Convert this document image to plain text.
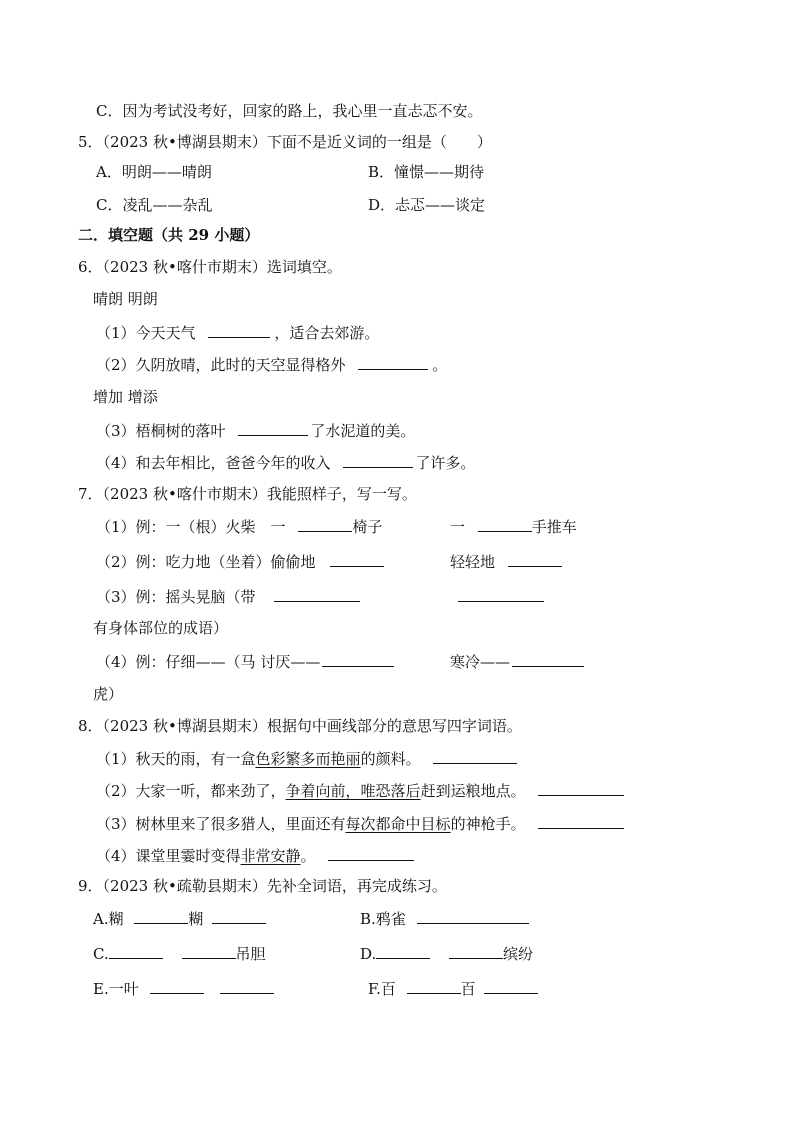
C．因为考试没考好，回家的路上，我心里一直忐忑不安。
5．（2023 秋•博湖县期末）下面不是近义词的一组是（　　）
A．明朗——晴朗	B．憧憬——期待
C．凌乱——杂乱	D．忐忑——谈定
二．填空题（共 29 小题）
6．（2023 秋•喀什市期末）选词填空。
晴朗 明朗
（1）今天天气	，适合去郊游。
（2）久阴放晴，此时的天空显得格外	。
增加 增添
（3）梧桐树的落叶	了水泥道的美。
（4）和去年相比，爸爸今年的收入	了许多。
7．（2023 秋•喀什市期末）我能照样子，写一写。
（1）例：一（根）火柴　一	椅子	一	手推车
（2）例：吃力地（坐着）偷偷地	轻轻地
（3）例：摇头晃脑（带
有身体部位的成语）
（4）例：仔细——（马 讨厌——	寒冷——
虎）
8．（2023 秋•博湖县期末）根据句中画线部分的意思写四字词语。
（1）秋天的雨，有一盒色彩繁多而艳丽的颜料。
（2）大家一听，都来劲了，争着向前，唯恐落后赶到运粮地点。
（3）树林里来了很多猎人，里面还有每次都命中目标的神枪手。
（4）课堂里霎时变得非常安静。
9．（2023 秋•疏勒县期末）先补全词语，再完成练习。
A.糊	糊	B.鸦雀
C.	吊胆	D.	缤纷
E.一叶	F.百	百
